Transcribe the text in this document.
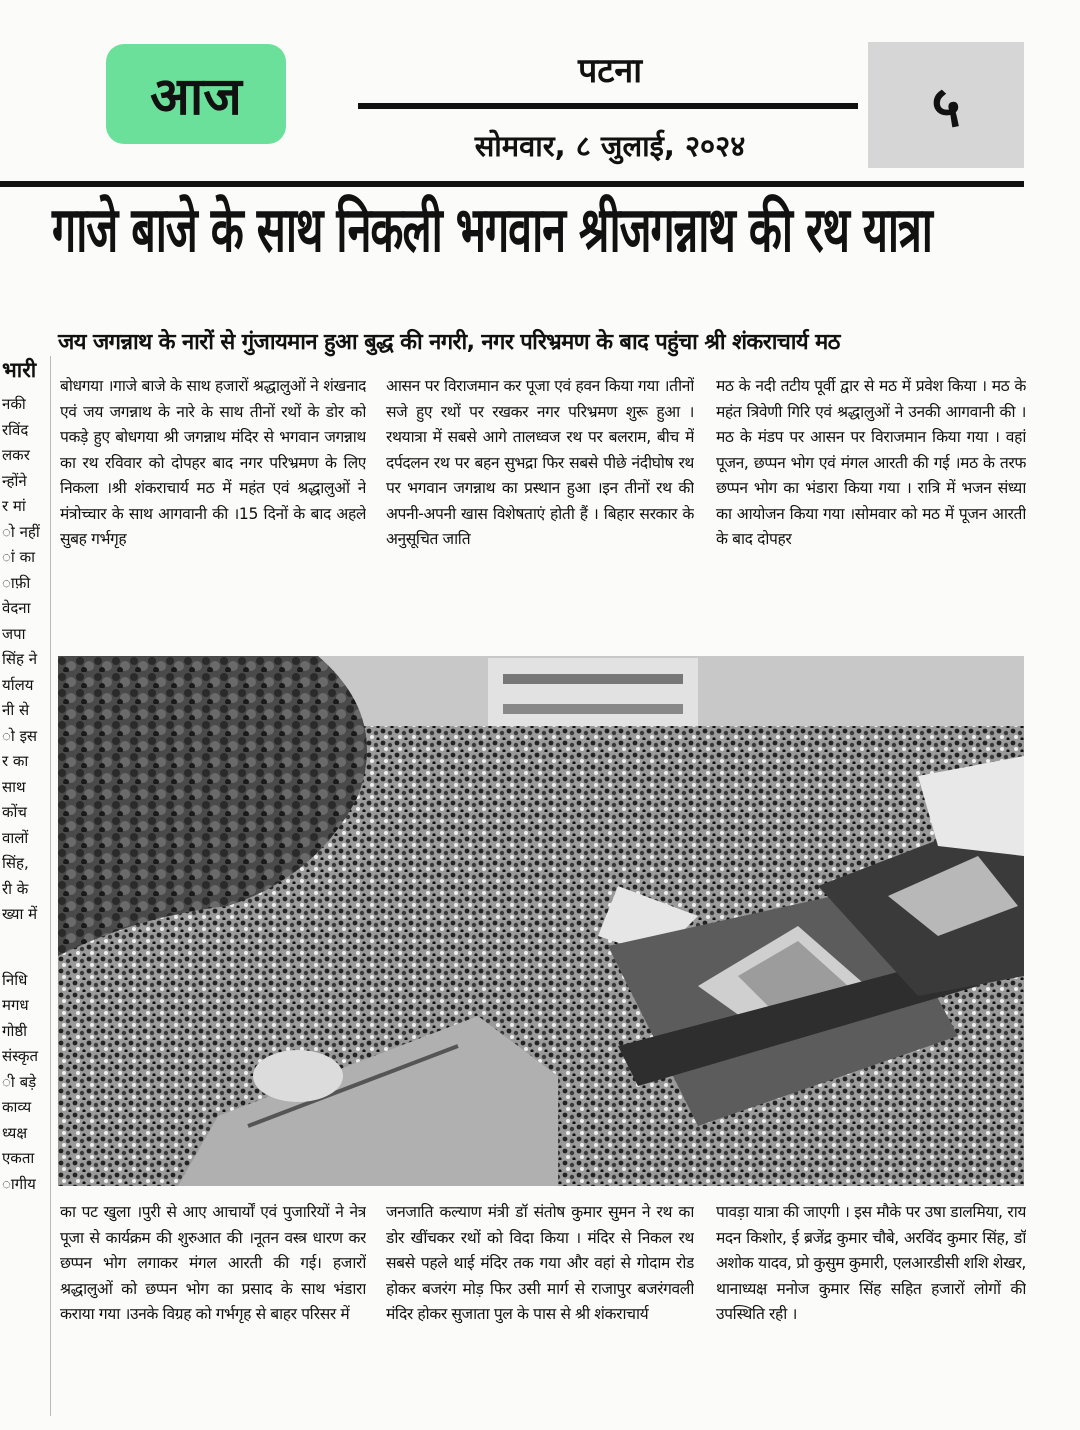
आज	पटना
सोमवार, ८ जुलाई, २०२४
५
गाजे बाजे के साथ निकली भगवान श्रीजगन्नाथ की रथ यात्रा
जय जगन्नाथ के नारों से गुंजायमान हुआ बुद्ध की नगरी, नगर परिभ्रमण के बाद पहुंचा श्री शंकराचार्य मठ
भारी
नकी
रविंद
लकर
न्होंने
र मां
ो नहीं
ां का
ाफ़ी
वेदना
जपा
सिंह ने
र्यालय
नी से
ो इस
र का
साथ
कोंच
वालों
सिंह,
री के
ख्या में
निधि
मगध
गोष्ठी
संस्कृत
ी बड़े
काव्य
ध्यक्ष
एकता
ागीय
बोधगया ।गाजे बाजे के साथ हजारों श्रद्धालुओं ने शंखनाद एवं जय जगन्नाथ के नारे के साथ तीनों रथों के डोर को पकड़े हुए बोधगया श्री जगन्नाथ मंदिर से भगवान जगन्नाथ का रथ रविवार को दोपहर बाद नगर परिभ्रमण के लिए निकला ।श्री शंकराचार्य मठ में महंत एवं श्रद्धालुओं ने मंत्रोच्चार के साथ आगवानी की ।15 दिनों के बाद अहले सुबह गर्भगृह
आसन पर विराजमान कर पूजा एवं हवन किया गया ।तीनों सजे हुए रथों पर रखकर नगर परिभ्रमण शुरू हुआ । रथयात्रा में सबसे आगे तालध्वज रथ पर बलराम, बीच में दर्पदलन रथ पर बहन सुभद्रा फिर सबसे पीछे नंदीघोष रथ पर भगवान जगन्नाथ का प्रस्थान हुआ ।इन तीनों रथ की अपनी-अपनी खास विशेषताएं होती हैं । बिहार सरकार के अनुसूचित जाति
मठ के नदी तटीय पूर्वी द्वार से मठ में प्रवेश किया । मठ के महंत त्रिवेणी गिरि एवं श्रद्धालुओं ने उनकी आगवानी की । मठ के मंडप पर आसन पर विराजमान किया गया । वहां पूजन, छप्पन भोग एवं मंगल आरती की गई ।मठ के तरफ छप्पन भोग का भंडारा किया गया । रात्रि में भजन संध्या का आयोजन किया गया ।सोमवार को मठ में पूजन आरती के बाद दोपहर
का पट खुला ।पुरी से आए आचार्यों एवं पुजारियों ने नेत्र पूजा से कार्यक्रम की शुरुआत की ।नूतन वस्त्र धारण कर छप्पन भोग लगाकर मंगल आरती की गई। हजारों श्रद्धालुओं को छप्पन भोग का प्रसाद के साथ भंडारा कराया गया ।उनके विग्रह को गर्भगृह से बाहर परिसर में
जनजाति कल्याण मंत्री डॉ संतोष कुमार सुमन ने रथ का डोर खींचकर रथों को विदा किया । मंदिर से निकल रथ सबसे पहले थाई मंदिर तक गया और वहां से गोदाम रोड होकर बजरंग मोड़ फिर उसी मार्ग से राजापुर बजरंगवली मंदिर होकर सुजाता पुल के पास से श्री शंकराचार्य
पावड़ा यात्रा की जाएगी । इस मौके पर उषा डालमिया, राय मदन किशोर, ई ब्रजेंद्र कुमार चौबे, अरविंद कुमार सिंह, डॉ अशोक यादव, प्रो कुसुम कुमारी, एलआरडीसी शशि शेखर, थानाध्यक्ष मनोज कुमार सिंह सहित हजारों लोगों की उपस्थिति रही ।
